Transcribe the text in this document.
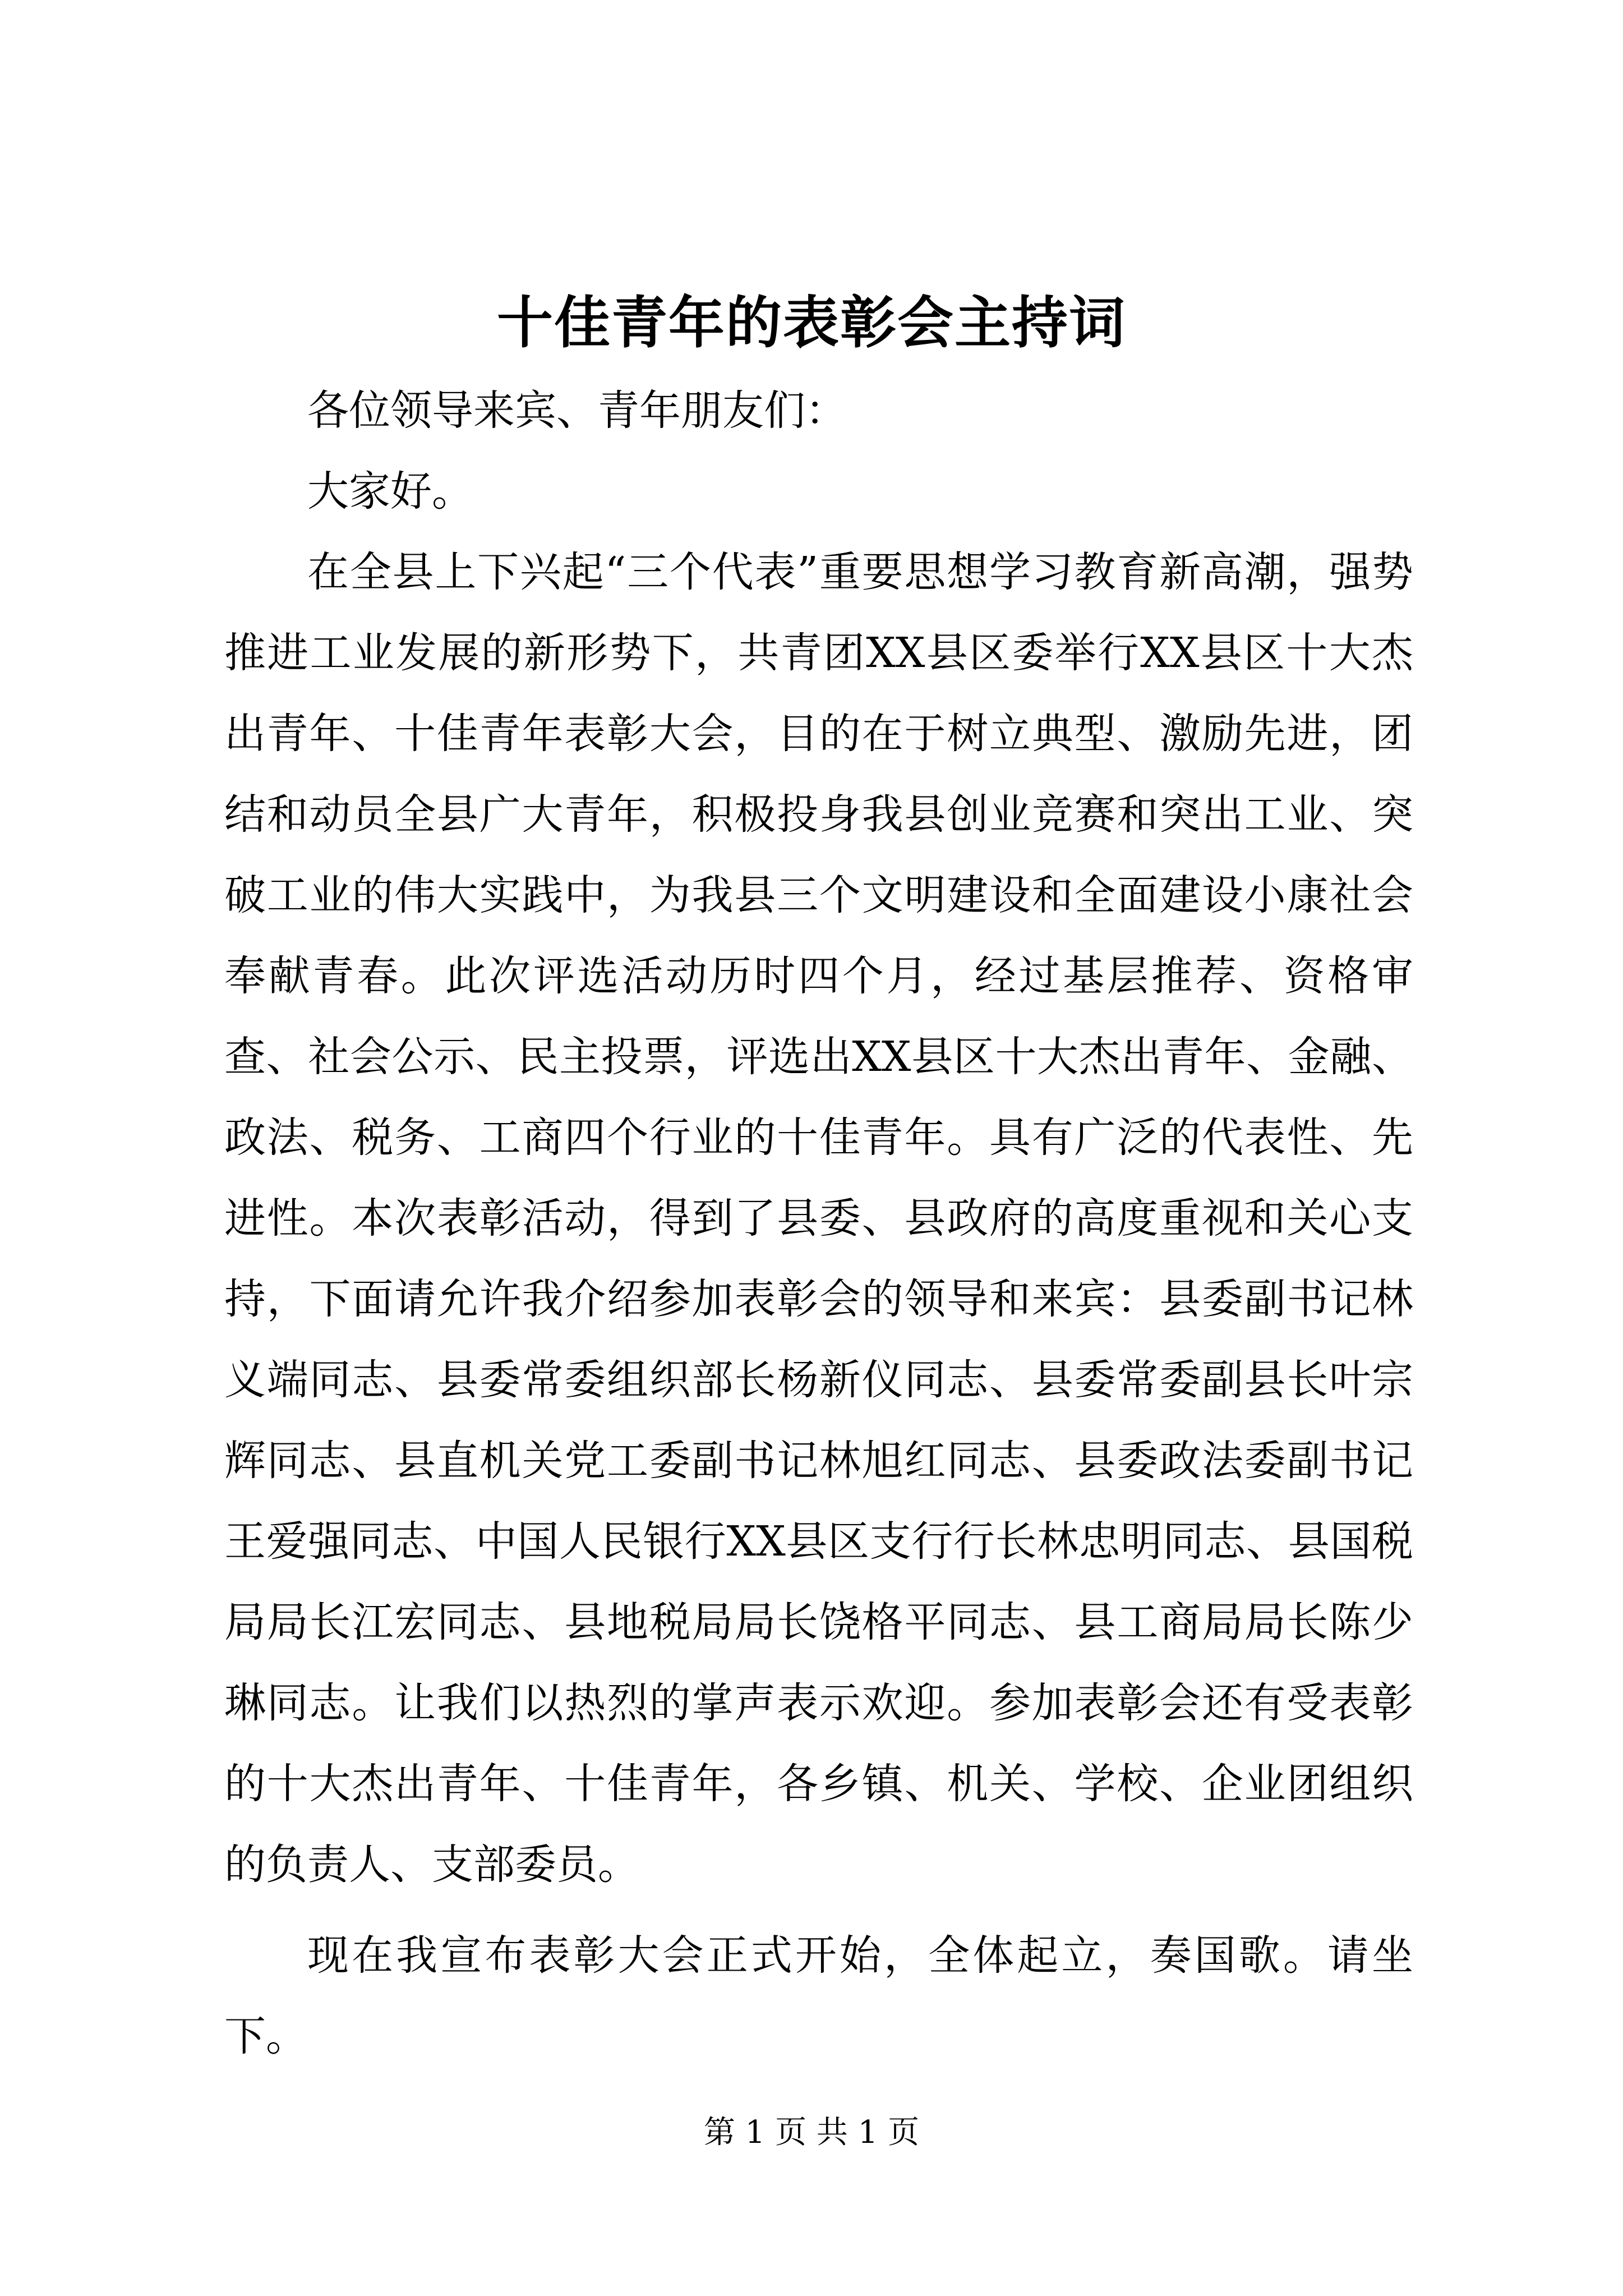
十佳青年的表彰会主持词

各位领导来宾、青年朋友们：

大家好。

在全县上下兴起“三个代表”重要思想学习教育新高潮，强势推进工业发展的新形势下，共青团XX县区委举行XX县区十大杰出青年、十佳青年表彰大会，目的在于树立典型、激励先进，团结和动员全县广大青年，积极投身我县创业竞赛和突出工业、突破工业的伟大实践中，为我县三个文明建设和全面建设小康社会奉献青春。此次评选活动历时四个月，经过基层推荐、资格审查、社会公示、民主投票，评选出XX县区十大杰出青年、金融、政法、税务、工商四个行业的十佳青年。具有广泛的代表性、先进性。本次表彰活动，得到了县委、县政府的高度重视和关心支持，下面请允许我介绍参加表彰会的领导和来宾：县委副书记林义端同志、县委常委组织部长杨新仪同志、县委常委副县长叶宗辉同志、县直机关党工委副书记林旭红同志、县委政法委副书记王爱强同志、中国人民银行XX县区支行行长林忠明同志、县国税局局长江宏同志、县地税局局长饶格平同志、县工商局局长陈少琳同志。让我们以热烈的掌声表示欢迎。参加表彰会还有受表彰的十大杰出青年、十佳青年，各乡镇、机关、学校、企业团组织的负责人、支部委员。

现在我宣布表彰大会正式开始，全体起立，奏国歌。请坐下。

第 1 页 共 1 页
